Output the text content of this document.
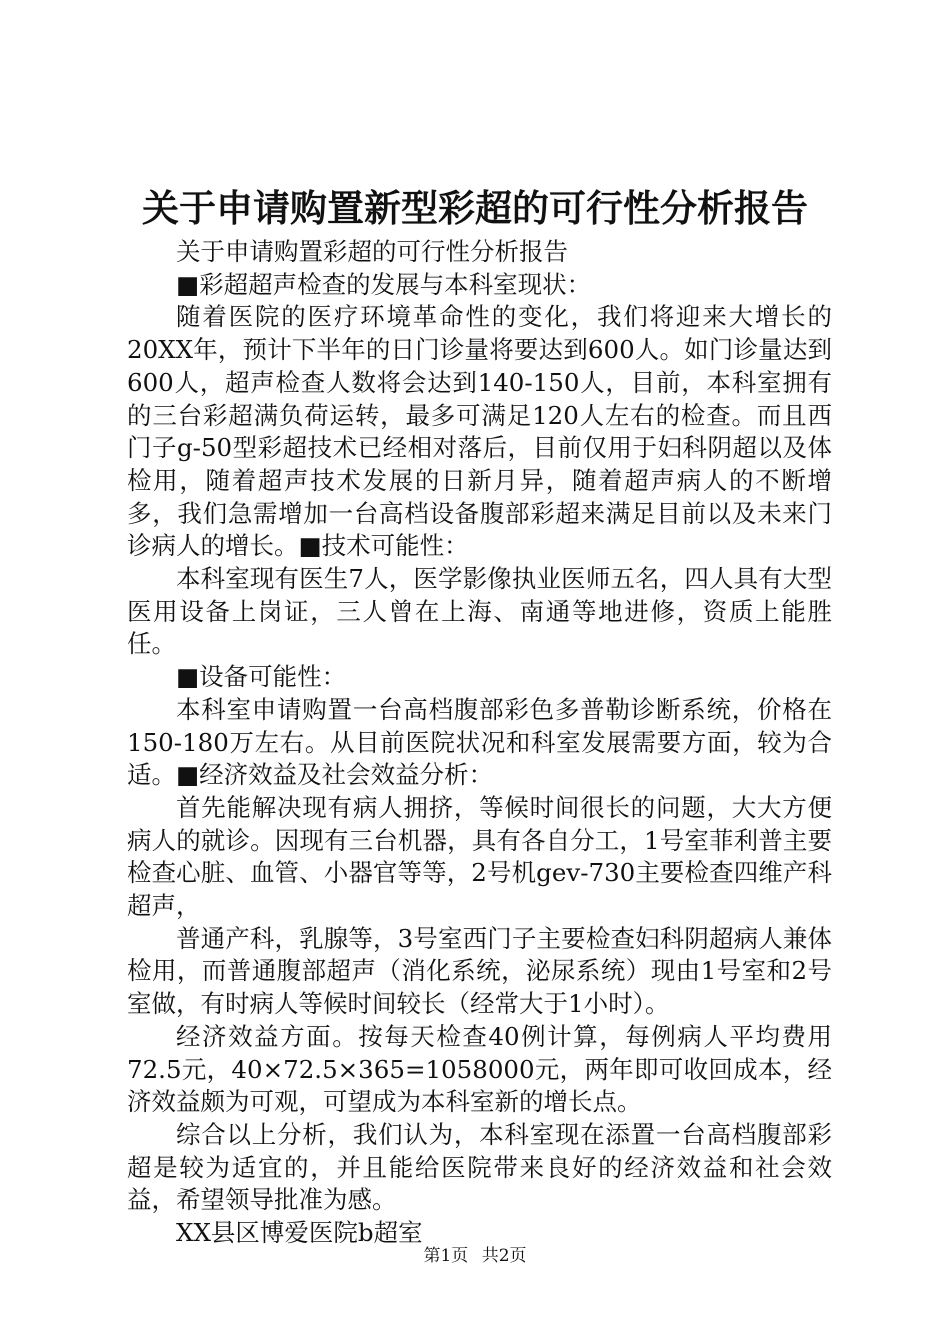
关于申请购置新型彩超的可行性分析报告

关于申请购置彩超的可行性分析报告

■彩超超声检查的发展与本科室现状：

随着医院的医疗环境革命性的变化，我们将迎来大增长的20XX年，预计下半年的日门诊量将要达到600人。如门诊量达到600人，超声检查人数将会达到140-150人，目前，本科室拥有的三台彩超满负荷运转，最多可满足120人左右的检查。而且西门子g-50型彩超技术已经相对落后，目前仅用于妇科阴超以及体检用，随着超声技术发展的日新月异，随着超声病人的不断增多，我们急需增加一台高档设备腹部彩超来满足目前以及未来门诊病人的增长。■技术可能性：

本科室现有医生7人，医学影像执业医师五名，四人具有大型医用设备上岗证，三人曾在上海、南通等地进修，资质上能胜任。

■设备可能性：

本科室申请购置一台高档腹部彩色多普勒诊断系统，价格在150-180万左右。从目前医院状况和科室发展需要方面，较为合适。■经济效益及社会效益分析：

首先能解决现有病人拥挤，等候时间很长的问题，大大方便病人的就诊。因现有三台机器，具有各自分工，1号室菲利普主要检查心脏、血管、小器官等等，2号机gev-730主要检查四维产科超声，

普通产科，乳腺等，3号室西门子主要检查妇科阴超病人兼体检用，而普通腹部超声（消化系统，泌尿系统）现由1号室和2号室做，有时病人等候时间较长（经常大于1小时）。

经济效益方面。按每天检查40例计算，每例病人平均费用72.5元，40×72.5×365=1058000元，两年即可收回成本，经济效益颇为可观，可望成为本科室新的增长点。

综合以上分析，我们认为，本科室现在添置一台高档腹部彩超是较为适宜的，并且能给医院带来良好的经济效益和社会效益，希望领导批准为感。

XX县区博爱医院b超室

第1页 共2页
